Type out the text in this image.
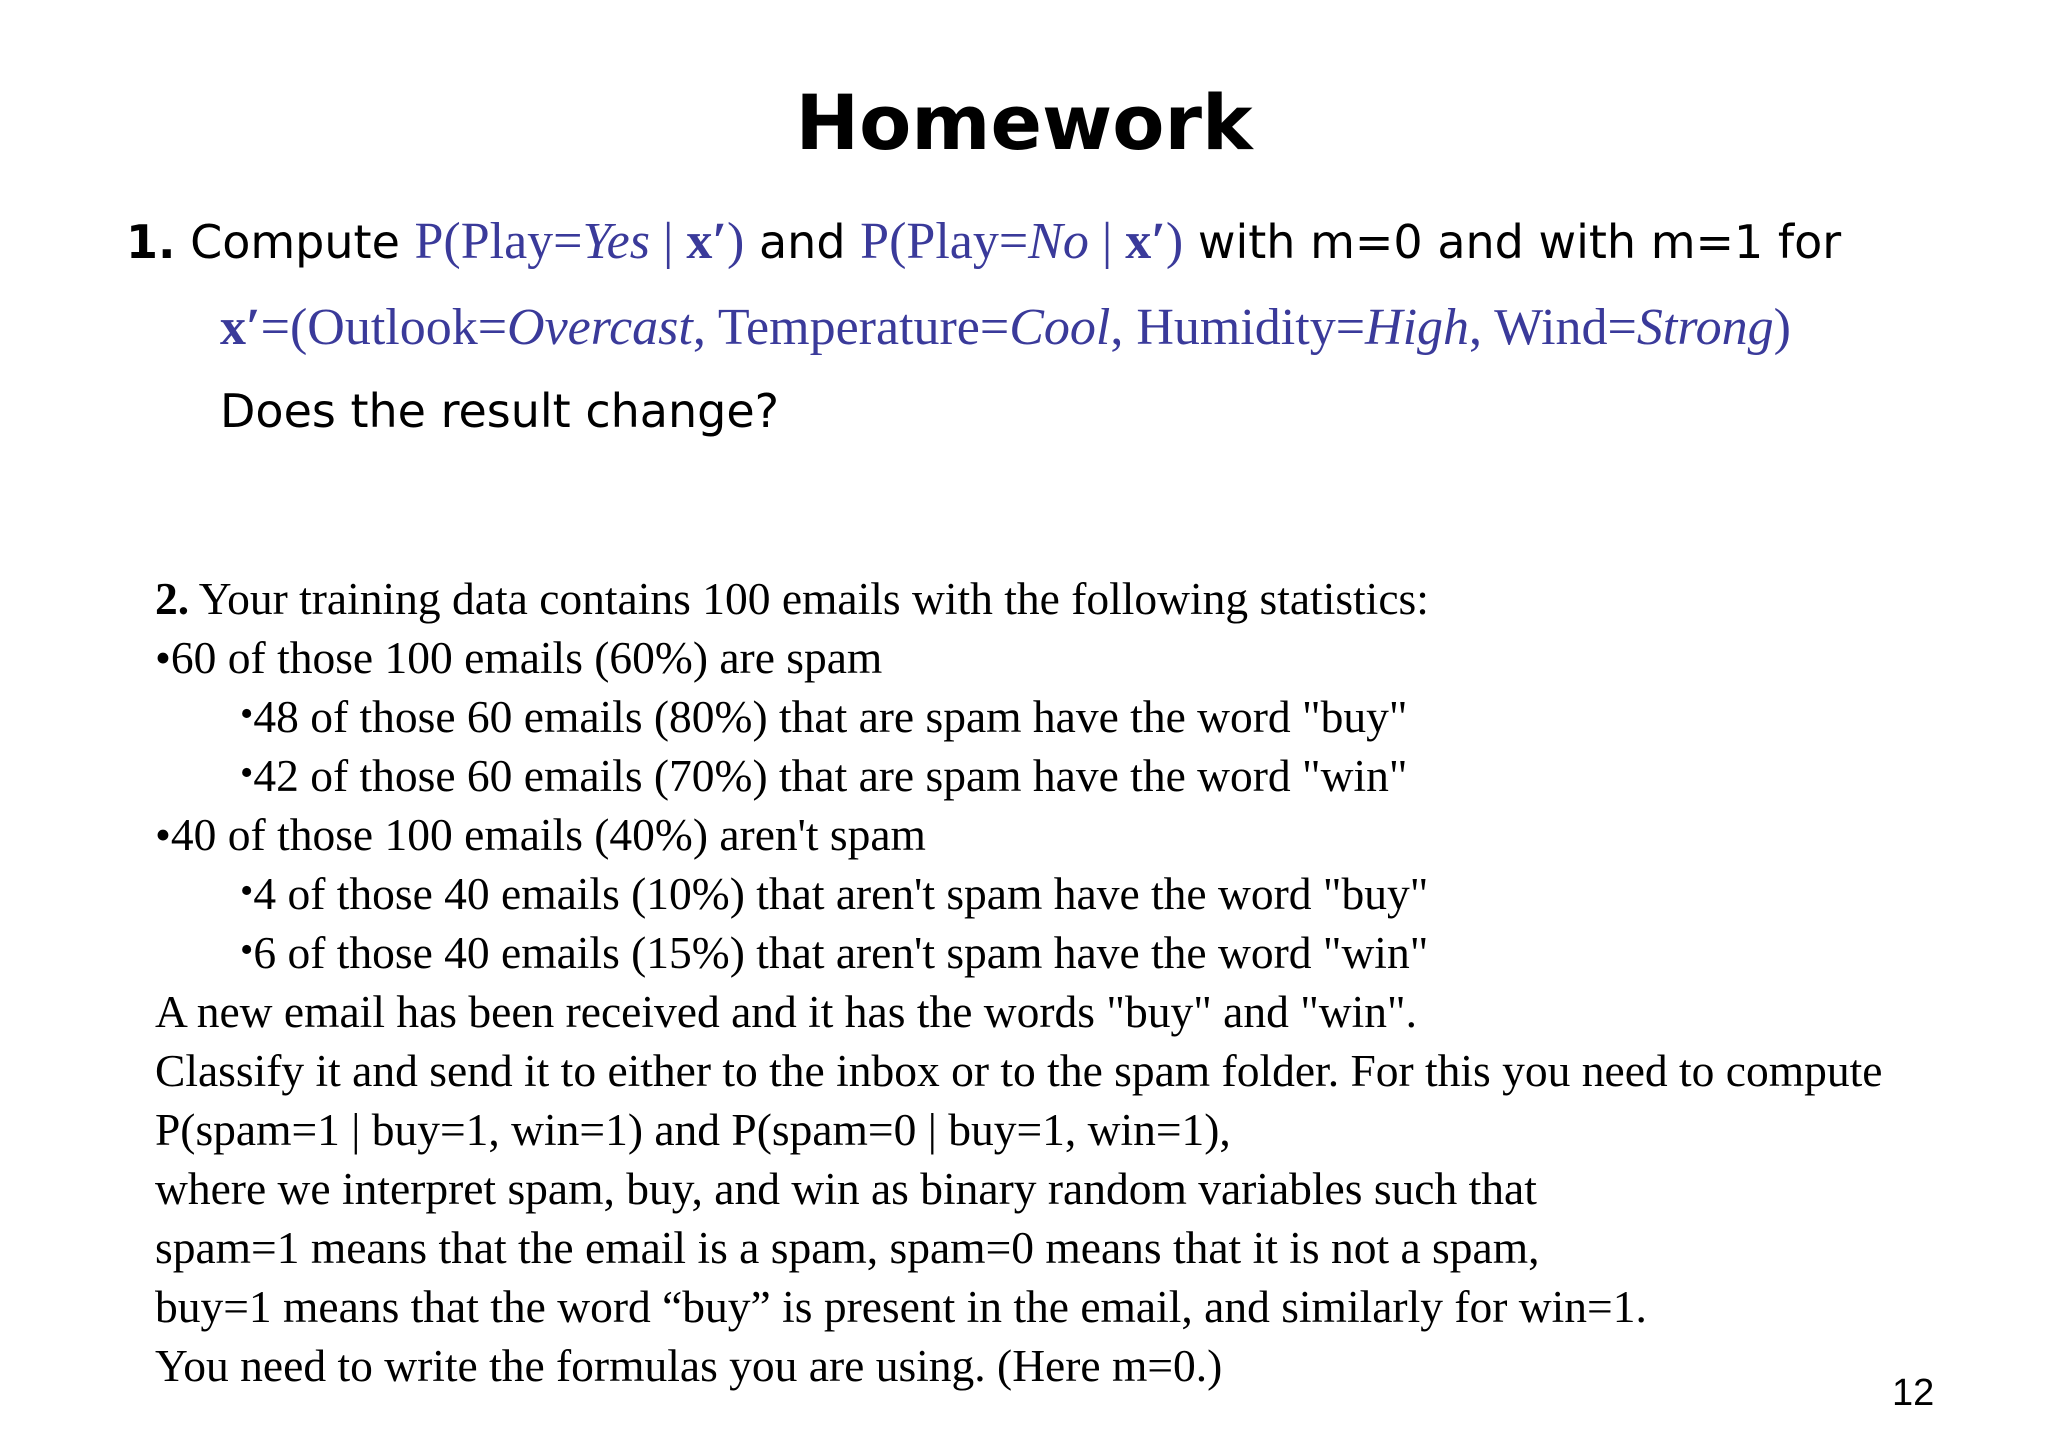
Homework
1. Compute P(Play=Yes | x′) and P(Play=No | x′) with m=0 and with m=1 for
x′=(Outlook=Overcast, Temperature=Cool, Humidity=High, Wind=Strong)
Does the result change?
2. Your training data contains 100 emails with the following statistics:
•60 of those 100 emails (60%) are spam
•48 of those 60 emails (80%) that are spam have the word "buy"
•42 of those 60 emails (70%) that are spam have the word "win"
•40 of those 100 emails (40%) aren't spam
•4 of those 40 emails (10%) that aren't spam have the word "buy"
•6 of those 40 emails (15%) that aren't spam have the word "win"
A new email has been received and it has the words "buy" and "win".
Classify it and send it to either to the inbox or to the spam folder. For this you need to compute
P(spam=1 | buy=1, win=1) and P(spam=0 | buy=1, win=1),
where we interpret spam, buy, and win as binary random variables such that
spam=1 means that the email is a spam, spam=0 means that it is not a spam,
buy=1 means that the word “buy” is present in the email, and similarly for win=1.
You need to write the formulas you are using. (Here m=0.)
12
